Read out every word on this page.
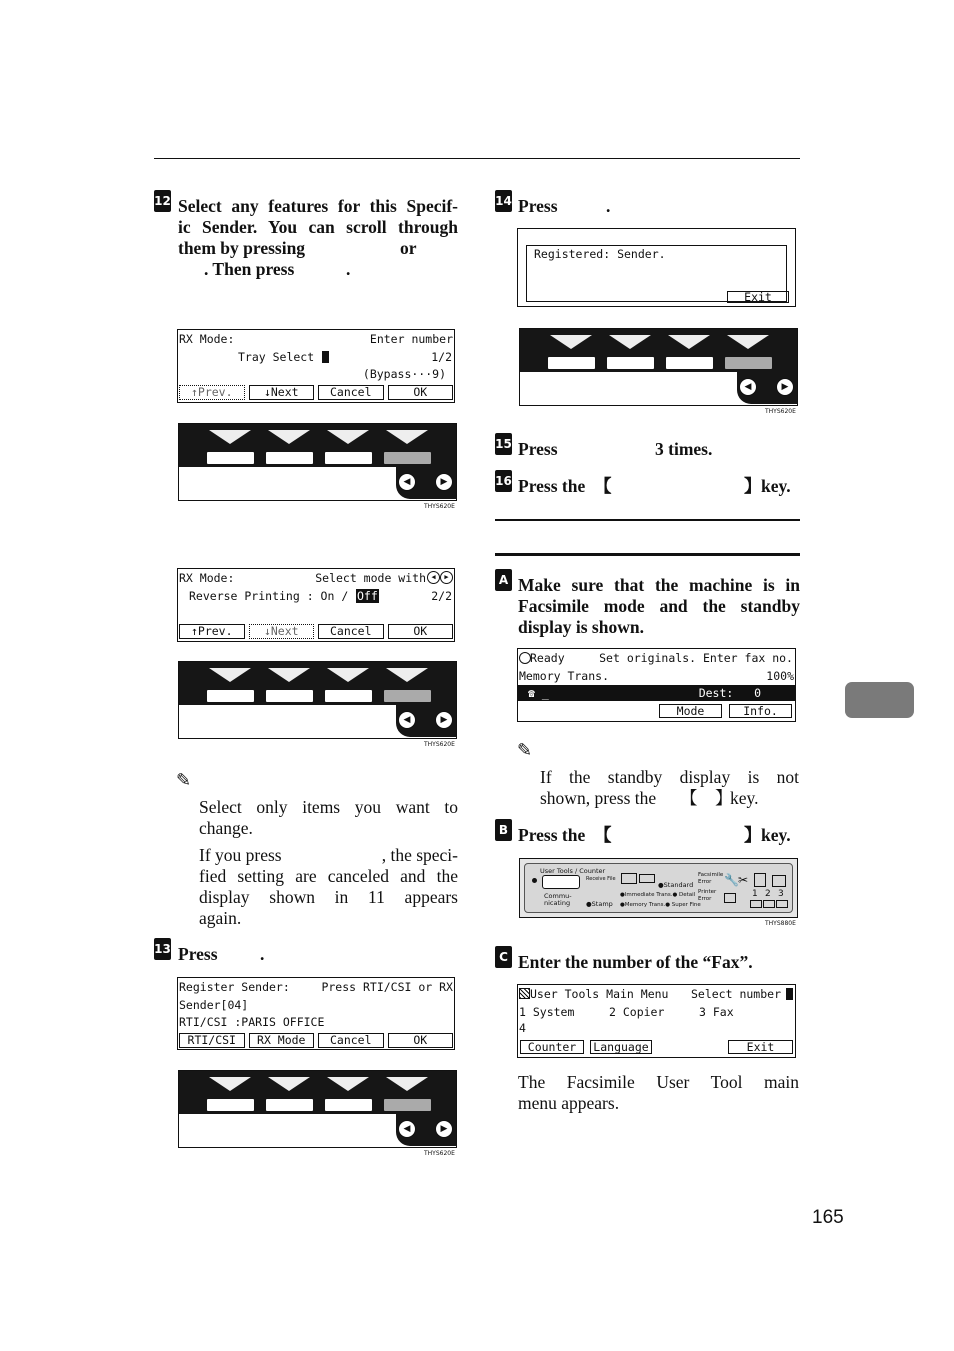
12 Select any features for this Specif-
ic Sender. You can scroll through
them by pressing	or
. Then press	.
RX Mode:	Enter number
Tray Select	1/2
(Bypass···9)
↑Prev.	↓Next	Cancel	OK
◀	▶
THYS620E
RX Mode:	Select mode with ◀	▶
Reverse Printing : On / Off	2/2
↑Prev.	↓Next	Cancel	OK
◀	▶
THYS620E
✎
Select only items you want to
change.
If you press	, the speci-
fied setting are canceled and the
display shown in 11 appears
again.
13 Press .
Register Sender:	Press RTI/CSI or RX
Sender[04]
RTI/CSI :PARIS OFFICE
RTI/CSI	RX Mode	Cancel	OK
◀	▶
THYS620E
14 Press	.
Registered: Sender.
Exit
◀	▶
THYS620E
15 Press	3 times.
16 Press the 【	】 key.
A Make sure that the machine is in
Facsimile mode and the standby
display is shown.
Ready	Set originals. Enter fax no.
Memory Trans.	100%
☎ _	Dest:   0
Mode	Info.
✎
If the standby display is not
shown, press the 【 】
key.
B Press the 【	】 key.
User Tools / Counter
Receive File
Commu-
nicating ●Stamp
●Standard
●Immediate Trans.● Detail
●Memory Trans.● Super Fine
Facsimile
Error
Printer
Error
🔧 ✂
1 2 3
THYS880E
C Enter the number of the “Fax”.
User Tools Main Menu Select number
1 System     2 Copier     3 Fax
4
Counter	Language	Exit
The Facsimile User Tool main
menu appears.
165
